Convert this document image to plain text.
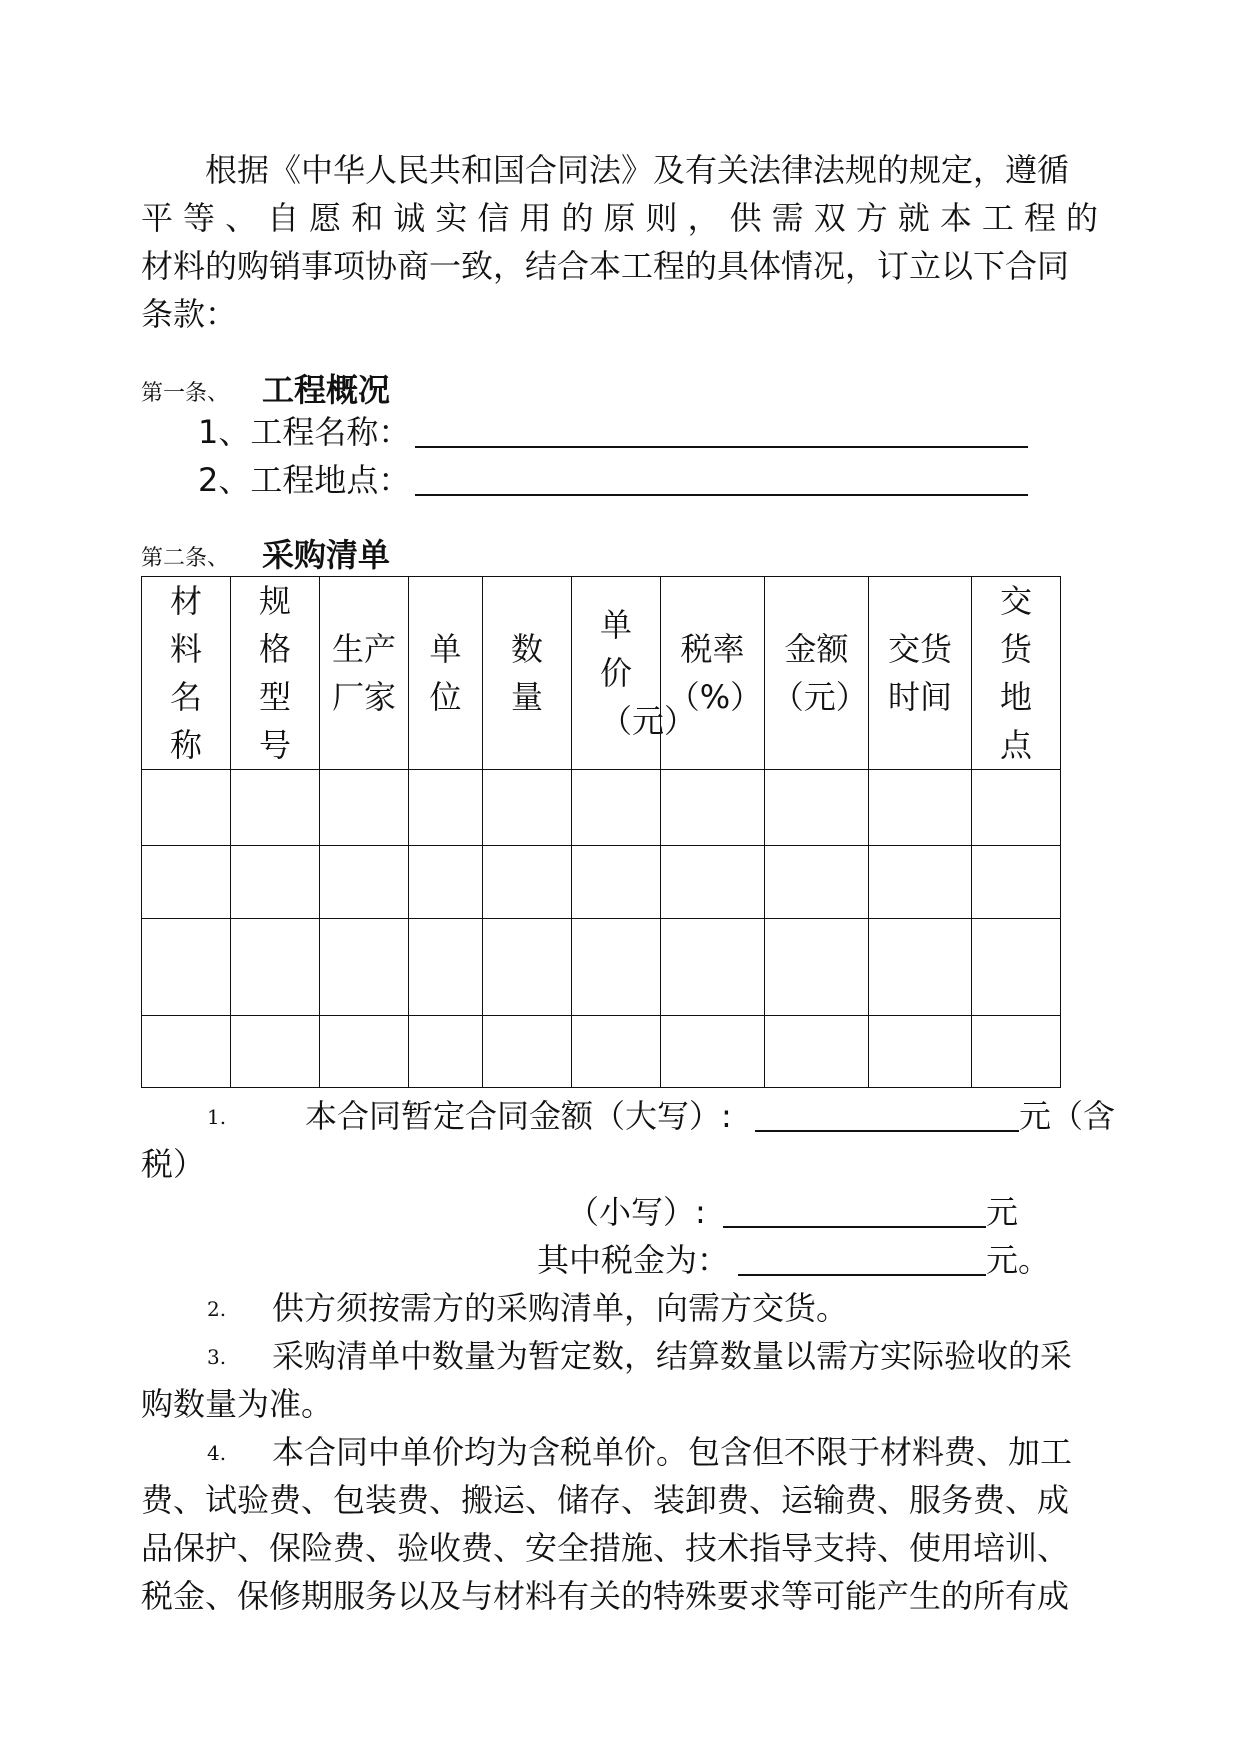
根据《中华人民共和国合同法》及有关法律法规的规定，遵循
平等、自愿和诚实信用的原则，供需双方就本工程的
材料的购销事项协商一致，结合本工程的具体情况，订立以下合同
条款：
第一条、 工程概况
1、工程名称：
2、工程地点：
第二条、 采购清单
材料名称	规格型号	生产厂家	单位	数量	单价（元）	税率（%）	金额（元）	交货时间	交货地点

1. 本合同暂定合同金额（大写）:	元（含
税）
（小写）:	元
其中税金为：	元。
2. 供方须按需方的采购清单，向需方交货。
3. 采购清单中数量为暂定数，结算数量以需方实际验收的采
购数量为准。
4. 本合同中单价均为含税单价。包含但不限于材料费、加工
费、试验费、包装费、搬运、储存、装卸费、运输费、服务费、成
品保护、保险费、验收费、安全措施、技术指导支持、使用培训、
税金、保修期服务以及与材料有关的特殊要求等可能产生的所有成
